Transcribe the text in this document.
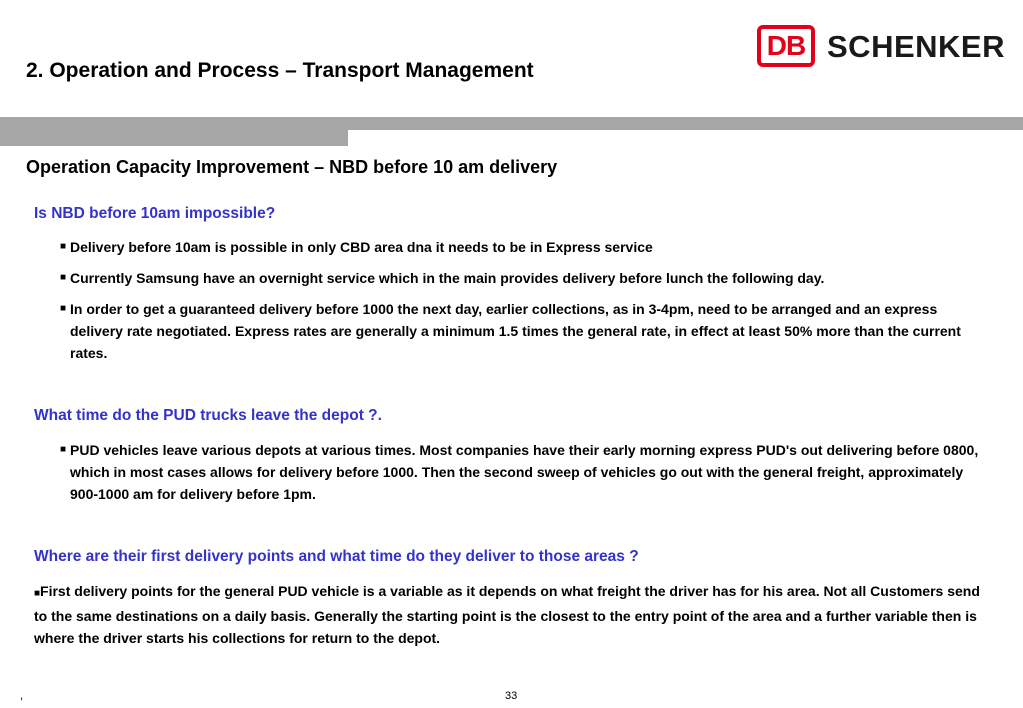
2. Operation and Process – Transport Management
DB SCHENKER
Operation Capacity Improvement – NBD before 10 am delivery
Is NBD before 10am impossible?
■ Delivery before 10am is possible in only CBD area dna it needs to be in Express service
■ Currently Samsung have an overnight service which in the main provides delivery before lunch the following day.
■ In order to get a guaranteed delivery before 1000 the next day, earlier collections, as in 3-4pm, need to be arranged and an express delivery rate negotiated. Express rates are generally a minimum 1.5 times the general rate, in effect at least 50% more than the current rates.
What time do the PUD trucks leave the depot ?.
■ PUD vehicles leave various depots at various times. Most companies have their early morning express PUD's out delivering before 0800, which in most cases allows for delivery before 1000. Then the second sweep of vehicles go out with the general freight, approximately 900-1000 am for delivery before 1pm.
Where are their first delivery points and what time do they deliver to those areas ?
■First delivery points for the general PUD vehicle is a variable as it depends on what freight the driver has for his area. Not all Customers send to the same destinations on a daily basis. Generally the starting point is the closest to the entry point of the area and a further variable then is where the driver starts his collections for return to the depot.
,	33
